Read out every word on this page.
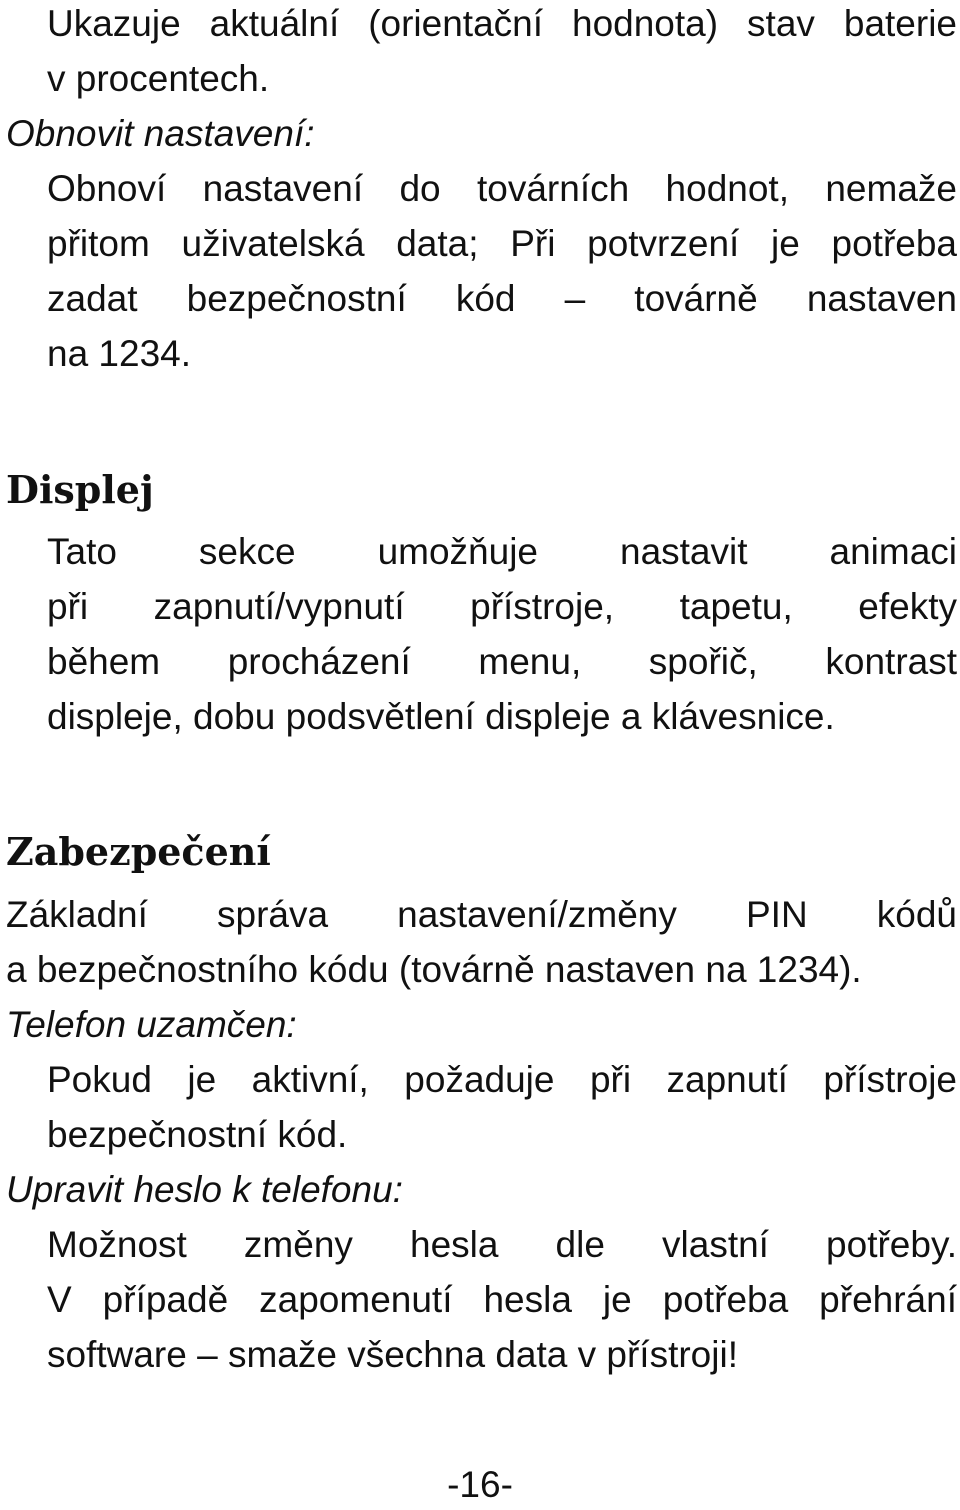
Ukazuje aktuální (orientační hodnota) stav baterie

v procentech.

Obnovit nastavení:

Obnoví nastavení do továrních hodnot, nemaže

přitom uživatelská data; Při potvrzení je potřeba

zadat bezpečnostní kód – továrně nastaven

na 1234.

Displej

Tato sekce umožňuje nastavit animaci

při zapnutí/vypnutí přístroje, tapetu, efekty

během procházení menu, spořič, kontrast

displeje, dobu podsvětlení displeje a klávesnice.

Zabezpečení

Základní správa nastavení/změny PIN kódů

a bezpečnostního kódu (továrně nastaven na 1234).

Telefon uzamčen:

Pokud je aktivní, požaduje při zapnutí přístroje

bezpečnostní kód.

Upravit heslo k telefonu:

Možnost změny hesla dle vlastní potřeby.

V případě zapomenutí hesla je potřeba přehrání

software – smaže všechna data v přístroji!

-16-
